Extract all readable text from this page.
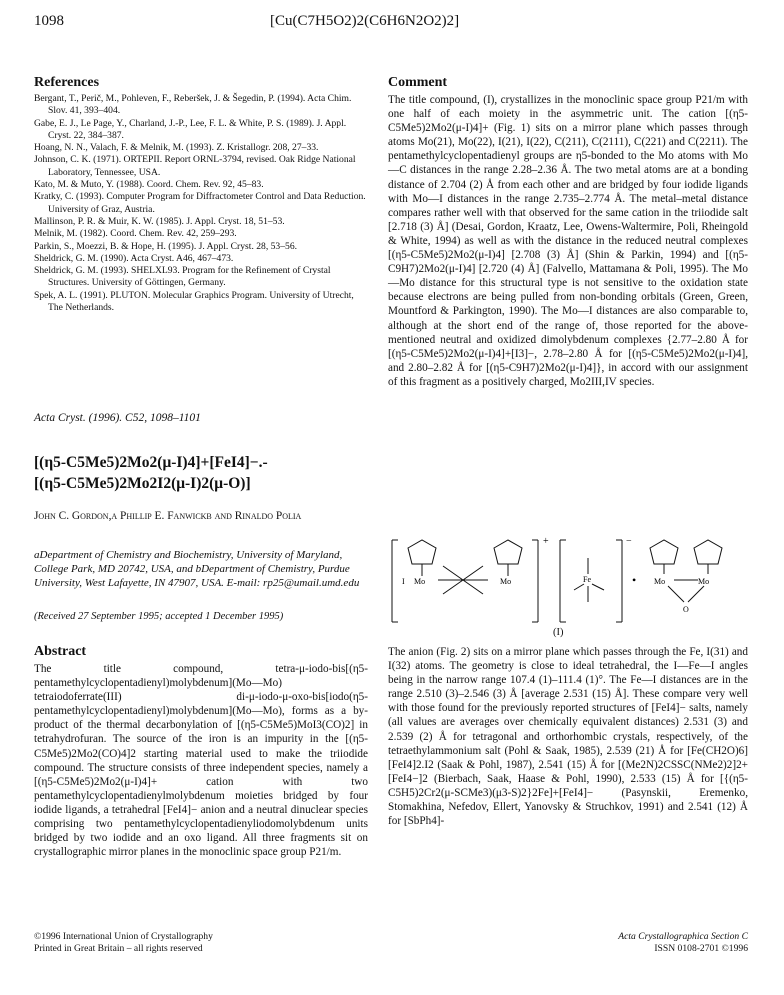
1098	[Cu(C7H5O2)2(C6H6N2O2)2]
References

Bergant, T., Perič, M., Pohleven, F., Reberšek, J. & Šegedin, P. (1994). Acta Chim. Slov. 41, 393–404.

Gabe, E. J., Le Page, Y., Charland, J.-P., Lee, F. L. & White, P. S. (1989). J. Appl. Cryst. 22, 384–387.

Hoang, N. N., Valach, F. & Melnik, M. (1993). Z. Kristallogr. 208, 27–33.

Johnson, C. K. (1971). ORTEPII. Report ORNL-3794, revised. Oak Ridge National Laboratory, Tennessee, USA.

Kato, M. & Muto, Y. (1988). Coord. Chem. Rev. 92, 45–83.

Kratky, C. (1993). Computer Program for Diffractometer Control and Data Reduction. University of Graz, Austria.

Mallinson, P. R. & Muir, K. W. (1985). J. Appl. Cryst. 18, 51–53.

Melnik, M. (1982). Coord. Chem. Rev. 42, 259–293.

Parkin, S., Moezzi, B. & Hope, H. (1995). J. Appl. Cryst. 28, 53–56.

Sheldrick, G. M. (1990). Acta Cryst. A46, 467–473.

Sheldrick, G. M. (1993). SHELXL93. Program for the Refinement of Crystal Structures. University of Göttingen, Germany.

Spek, A. L. (1991). PLUTON. Molecular Graphics Program. University of Utrecht, The Netherlands.

Acta Cryst. (1996). C52, 1098–1101
[(η5-C5Me5)2Mo2(μ-I)4]+[FeI4]−.-
[(η5-C5Me5)2Mo2I2(μ-I)2(μ-O)]
John C. Gordon,a Phillip E. Fanwickb and Rinaldo Polia
aDepartment of Chemistry and Biochemistry, University of Maryland, College Park, MD 20742, USA, and bDepartment of Chemistry, Purdue University, West Lafayette, IN 47907, USA. E-mail: rp25@umail.umd.edu
(Received 27 September 1995; accepted 1 December 1995)
Abstract

The title compound, tetra-μ-iodo-bis[(η5-pentamethylcyclopentadienyl)molybdenum](Mo—Mo) tetraiodoferrate(III) di-μ-iodo-μ-oxo-bis[iodo(η5-pentamethylcyclopentadienyl)molybdenum](Mo—Mo), forms as a by-product of the thermal decarbonylation of [(η5-C5Me5)MoI3(CO)2] in tetrahydrofuran. The source of the iron is an impurity in the [(η5-C5Me5)2Mo2(CO)4]2 starting material used to make the triiodide compound. The structure consists of three independent species, namely a [(η5-C5Me5)2Mo2(μ-I)4]+ cation with two pentamethylcyclopentadienylmolybdenum moieties bridged by four iodide ligands, a tetrahedral [FeI4]− anion and a neutral dinuclear species comprising two pentamethylcyclopentadienyliodomolybdenum units bridged by two iodide and an oxo ligand. All three fragments sit on crystallographic mirror planes in the monoclinic space group P21/m.

©1996 International Union of Crystallography
Printed in Great Britain – all rights reserved
Acta Crystallographica Section C
ISSN 0108-2701 ©1996
Comment

The title compound, (I), crystallizes in the monoclinic space group P21/m with one half of each moiety in the asymmetric unit. The cation [(η5-C5Me5)2Mo2(μ-I)4]+ (Fig. 1) sits on a mirror plane which passes through atoms Mo(21), Mo(22), I(21), I(22), C(211), C(2111), C(221) and C(2211). The pentamethylcyclopentadienyl groups are η5-bonded to the Mo atoms with Mo—C distances in the range 2.28–2.36 Å. The two metal atoms are at a bonding distance of 2.704 (2) Å from each other and are bridged by four iodide ligands with Mo—I distances in the range 2.735–2.774 Å. The metal–metal distance compares rather well with that observed for the same cation in the triiodide salt [2.718 (3) Å] (Desai, Gordon, Kraatz, Lee, Owens-Waltermire, Poli, Rheingold & White, 1994) as well as with the distance in the reduced neutral complexes [(η5-C5Me5)2Mo2(μ-I)4] [2.708 (3) Å] (Shin & Parkin, 1994) and [(η5-C9H7)2Mo2(μ-I)4] [2.720 (4) Å] (Falvello, Mattamana & Poli, 1995). The Mo—Mo distance for this structural type is not sensitive to the oxidation state because electrons are being pulled from non-bonding orbitals (Green, Green, Mountford & Parkington, 1990). The Mo—I distances are also comparable to, although at the short end of the range of, those reported for the above-mentioned neutral and oxidized dimolybdenum complexes {2.77–2.80 Å for [(η5-C5Me5)2Mo2(μ-I)4]+[I3]−, 2.78–2.80 Å for [(η5-C5Me5)2Mo2(μ-I)4], and 2.80–2.82 Å for [(η5-C9H7)2Mo2(μ-I)4]}, in accord with our assignment of this fragment as a positively charged, Mo2III,IV species.

I Mo	Mo
+
Fe
−
• Mo	Mo
O
(I)

The anion (Fig. 2) sits on a mirror plane which passes through the Fe, I(31) and I(32) atoms. The geometry is close to ideal tetrahedral, the I—Fe—I angles being in the narrow range 107.4 (1)–111.4 (1)°. The Fe—I distances are in the range 2.510 (3)–2.546 (3) Å [average 2.531 (15) Å]. These compare very well with those found for the previously reported structures of [FeI4]− salts, namely (all values are averages over chemically equivalent distances) 2.531 (3) and 2.539 (2) Å for tetragonal and orthorhombic crystals, respectively, of the tetraethylammonium salt (Pohl & Saak, 1985), 2.539 (21) Å for [Fe(CH2O)6][FeI4]2.I2 (Saak & Pohl, 1987), 2.541 (15) Å for [(Me2N)2CSSC(NMe2)2]2+[FeI4−]2 (Bierbach, Saak, Haase & Pohl, 1990), 2.533 (15) Å for [{(η5-C5H5)2Cr2(μ-SCMe3)(μ3-S)2}2Fe]+[FeI4]− (Pasynskii, Eremenko, Stomakhina, Nefedov, Ellert, Yanovsky & Struchkov, 1991) and 2.541 (12) Å for [SbPh4]-
